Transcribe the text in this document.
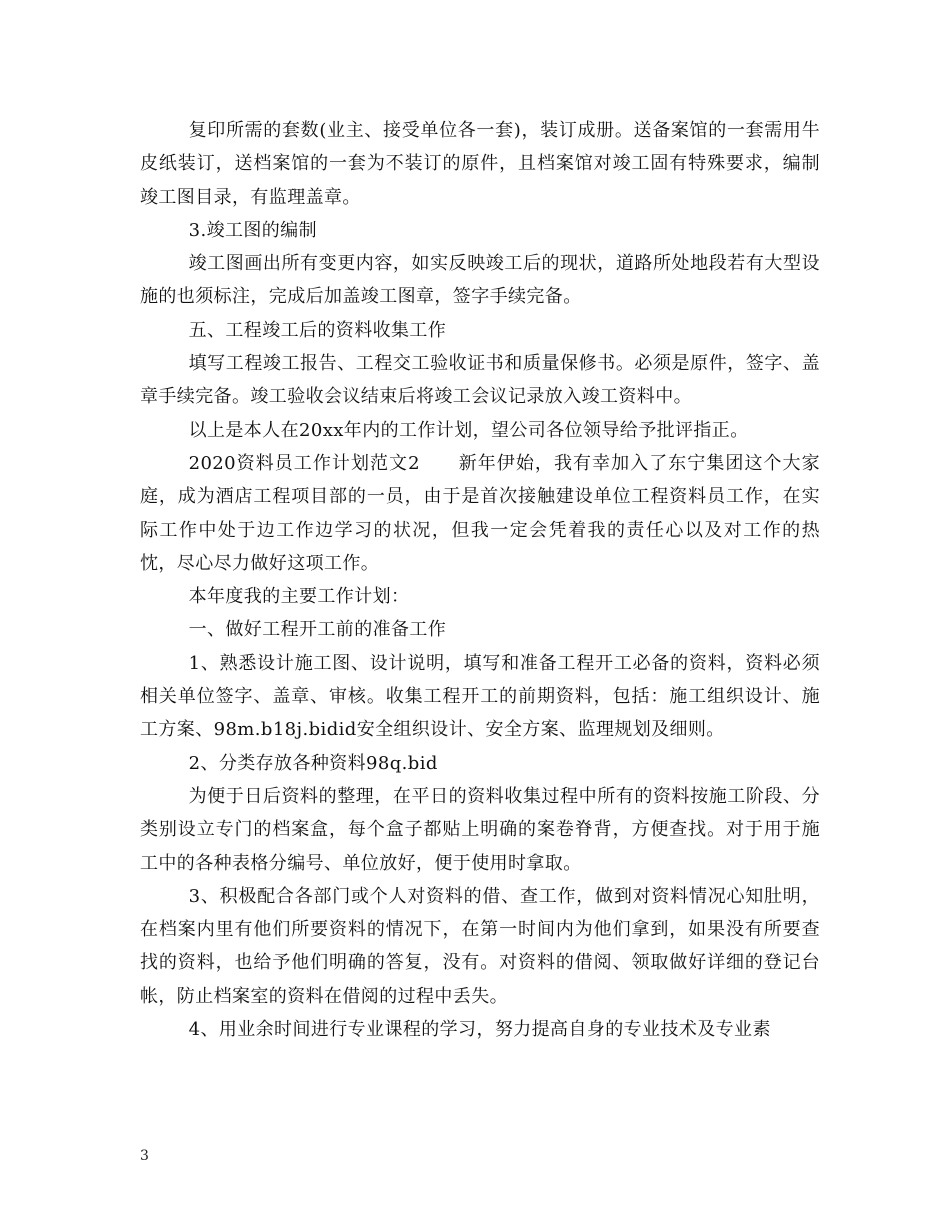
复印所需的套数(业主、接受单位各一套)，装订成册。送备案馆的一套需用牛皮纸装订，送档案馆的一套为不装订的原件，且档案馆对竣工固有特殊要求，编制竣工图目录，有监理盖章。

3.竣工图的编制

竣工图画出所有变更内容，如实反映竣工后的现状，道路所处地段若有大型设施的也须标注，完成后加盖竣工图章，签字手续完备。

五、工程竣工后的资料收集工作

填写工程竣工报告、工程交工验收证书和质量保修书。必须是原件，签字、盖章手续完备。竣工验收会议结束后将竣工会议记录放入竣工资料中。

以上是本人在20xx年内的工作计划，望公司各位领导给予批评指正。

2020资料员工作计划范文2　　新年伊始，我有幸加入了东宁集团这个大家庭，成为酒店工程项目部的一员，由于是首次接触建设单位工程资料员工作，在实际工作中处于边工作边学习的状况，但我一定会凭着我的责任心以及对工作的热忱，尽心尽力做好这项工作。

本年度我的主要工作计划：

一、做好工程开工前的准备工作

1、熟悉设计施工图、设计说明，填写和准备工程开工必备的资料，资料必须相关单位签字、盖章、审核。收集工程开工的前期资料，包括：施工组织设计、施工方案、98m.b18j.bidid安全组织设计、安全方案、监理规划及细则。

2、分类存放各种资料98q.bid

为便于日后资料的整理，在平日的资料收集过程中所有的资料按施工阶段、分类别设立专门的档案盒，每个盒子都贴上明确的案卷脊背，方便查找。对于用于施工中的各种表格分编号、单位放好，便于使用时拿取。

3、积极配合各部门或个人对资料的借、查工作，做到对资料情况心知肚明，在档案内里有他们所要资料的情况下，在第一时间内为他们拿到，如果没有所要查找的资料，也给予他们明确的答复，没有。对资料的借阅、领取做好详细的登记台帐，防止档案室的资料在借阅的过程中丢失。

4、用业余时间进行专业课程的学习，努力提高自身的专业技术及专业素

3
